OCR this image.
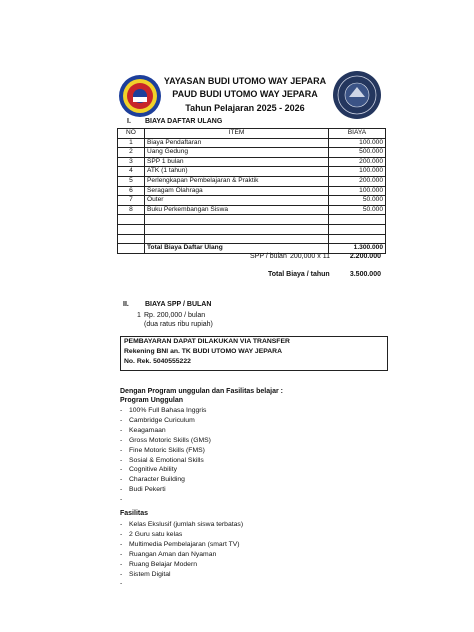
YAYASAN BUDI UTOMO WAY JEPARA
PAUD BUDI UTOMO WAY JEPARA
Tahun Pelajaran 2025 - 2026
I. BIAYA DAFTAR ULANG
NO	ITEM	BIAYA
1	Biaya Pendaftaran	100.000
2	Uang Gedung	500.000
3	SPP 1 bulan	200.000
4	ATK (1 tahun)	100.000
5	Perlengkapan Pembelajaran & Praktik	200.000
6	Seragam Olahraga	100.000
7	Outer	50.000
8	Buku Perkembangan Siswa	50.000

	Total Biaya Daftar Ulang	1.300.000
SPP / bulan 200,000 x 11	2.200.000
Total Biaya / tahun	3.500.000
II. BIAYA SPP / BULAN
1 Rp. 200,000 / bulan
(dua ratus ribu rupiah)
PEMBAYARAN DAPAT DILAKUKAN VIA TRANSFER
Rekening BNI an. TK BUDI UTOMO WAY JEPARA
No. Rek. 5040555222
Dengan Program unggulan dan Fasilitas belajar :
Program Unggulan
- 100% Full Bahasa Inggris
- Cambridge Curiculum
- Keagamaan
- Gross Motoric Skills (GMS)
- Fine Motoric Skills (FMS)
- Sosial & Emotional Skills
- Cognitive Ability
- Character Building
- Budi Pekerti
-
Fasilitas
- Kelas Ekslusif (jumlah siswa terbatas)
- 2 Guru satu kelas
- Multimedia Pembelajaran (smart TV)
- Ruangan Aman dan Nyaman
- Ruang Belajar Modern
- Sistem Digital
-
